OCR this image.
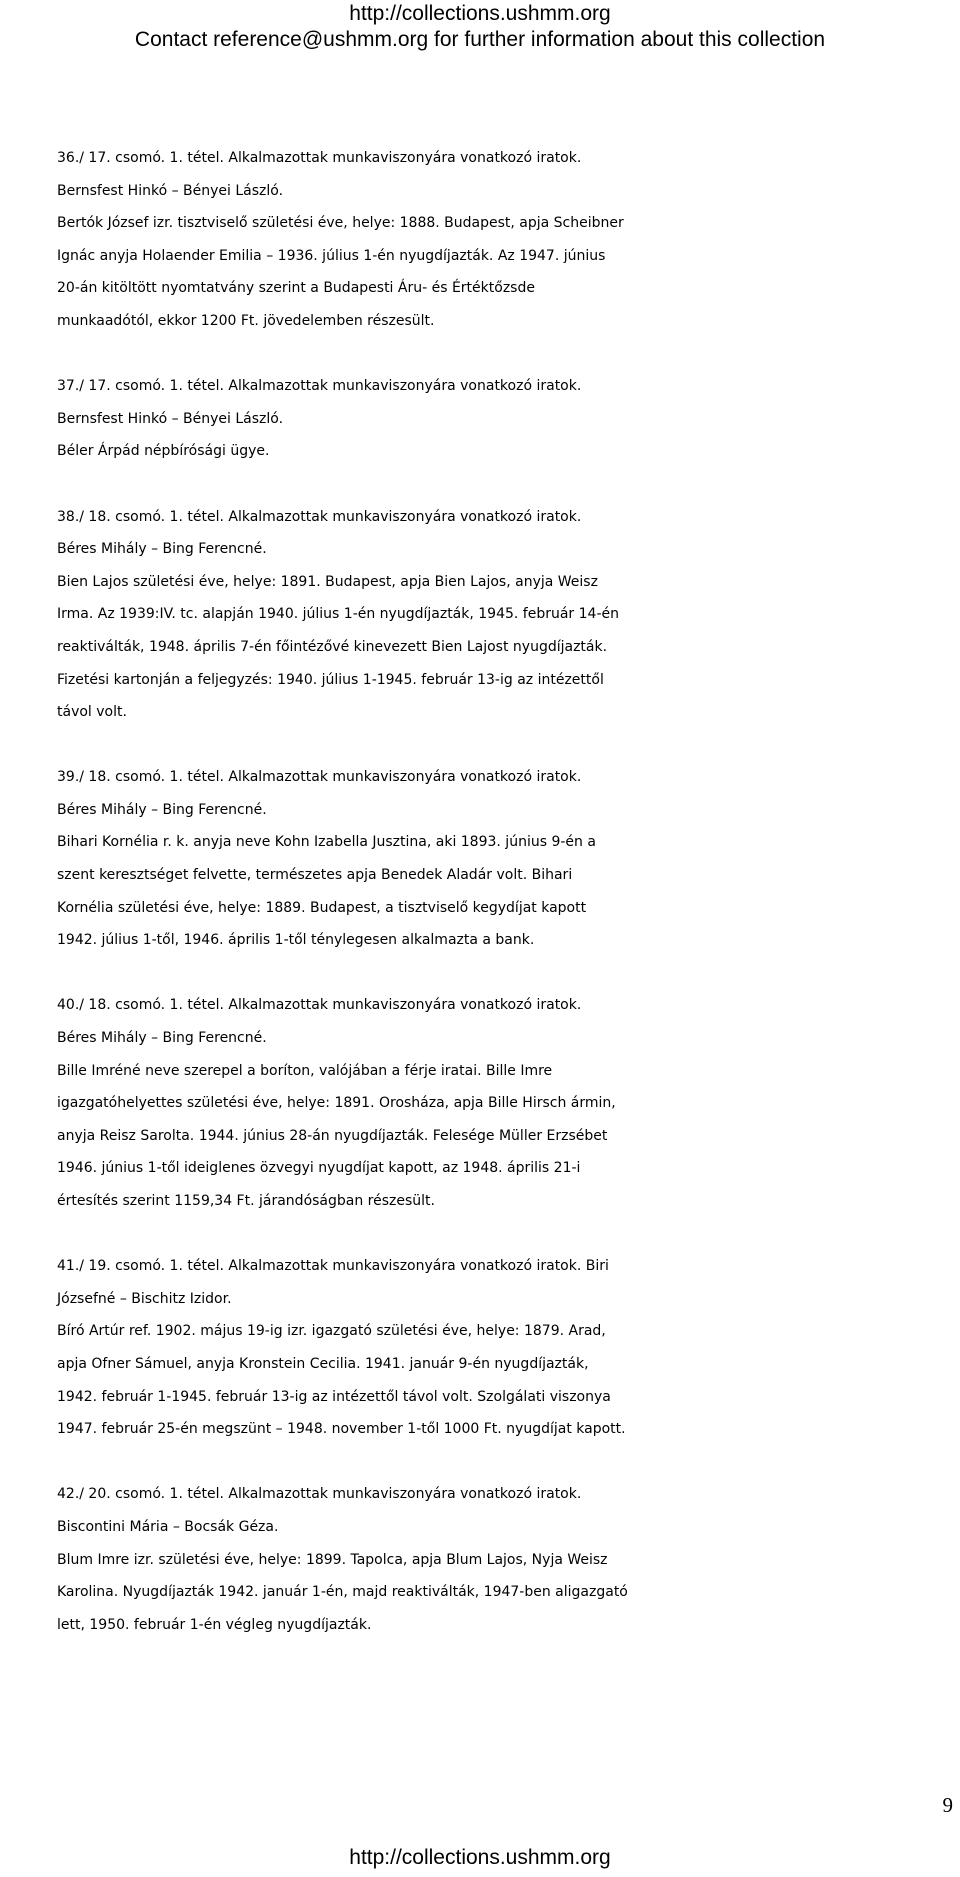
http://collections.ushmm.org
Contact reference@ushmm.org for further information about this collection

36./ 17. csomó. 1. tétel. Alkalmazottak munkaviszonyára vonatkozó iratok.

Bernsfest Hinkó – Bényei László.

Bertók József izr. tisztviselő születési éve, helye: 1888. Budapest, apja Scheibner

Ignác anyja Holaender Emilia – 1936. július 1-én nyugdíjazták. Az 1947. június

20-án kitöltött nyomtatvány szerint a Budapesti Áru- és Értéktőzsde

munkaadótól, ekkor 1200 Ft. jövedelemben részesült.

37./ 17. csomó. 1. tétel. Alkalmazottak munkaviszonyára vonatkozó iratok.

Bernsfest Hinkó – Bényei László.

Béler Árpád népbírósági ügye.

38./ 18. csomó. 1. tétel. Alkalmazottak munkaviszonyára vonatkozó iratok.

Béres Mihály – Bing Ferencné.

Bien Lajos születési éve, helye: 1891. Budapest, apja Bien Lajos, anyja Weisz

Irma. Az 1939:IV. tc. alapján 1940. július 1-én nyugdíjazták, 1945. február 14-én

reaktiválták, 1948. április 7-én főintézővé kinevezett Bien Lajost nyugdíjazták.

Fizetési kartonján a feljegyzés: 1940. július 1-1945. február 13-ig az intézettől

távol volt.

39./ 18. csomó. 1. tétel. Alkalmazottak munkaviszonyára vonatkozó iratok.

Béres Mihály – Bing Ferencné.

Bihari Kornélia r. k. anyja neve Kohn Izabella Jusztina, aki 1893. június 9-én a

szent keresztséget felvette, természetes apja Benedek Aladár volt. Bihari

Kornélia születési éve, helye: 1889. Budapest, a tisztviselő kegydíjat kapott

1942. július 1-től, 1946. április 1-től ténylegesen alkalmazta a bank.

40./ 18. csomó. 1. tétel. Alkalmazottak munkaviszonyára vonatkozó iratok.

Béres Mihály – Bing Ferencné.

Bille Imréné neve szerepel a boríton, valójában a férje iratai. Bille Imre

igazgatóhelyettes születési éve, helye: 1891. Orosháza, apja Bille Hirsch ármin,

anyja Reisz Sarolta. 1944. június 28-án nyugdíjazták. Felesége Müller Erzsébet

1946. június 1-től ideiglenes özvegyi nyugdíjat kapott, az 1948. április 21-i

értesítés szerint 1159,34 Ft. járandóságban részesült.

41./ 19. csomó. 1. tétel. Alkalmazottak munkaviszonyára vonatkozó iratok. Biri

Józsefné – Bischitz Izidor.

Bíró Artúr ref. 1902. május 19-ig izr. igazgató születési éve, helye: 1879. Arad,

apja Ofner Sámuel, anyja Kronstein Cecilia. 1941. január 9-én nyugdíjazták,

1942. február 1-1945. február 13-ig az intézettől távol volt. Szolgálati viszonya

1947. február 25-én megszünt – 1948. november 1-től 1000 Ft. nyugdíjat kapott.

42./ 20. csomó. 1. tétel. Alkalmazottak munkaviszonyára vonatkozó iratok.

Biscontini Mária – Bocsák Géza.

Blum Imre izr. születési éve, helye: 1899. Tapolca, apja Blum Lajos, Nyja Weisz

Karolina. Nyugdíjazták 1942. január 1-én, majd reaktiválták, 1947-ben aligazgató

lett, 1950. február 1-én végleg nyugdíjazták.

9
http://collections.ushmm.org
